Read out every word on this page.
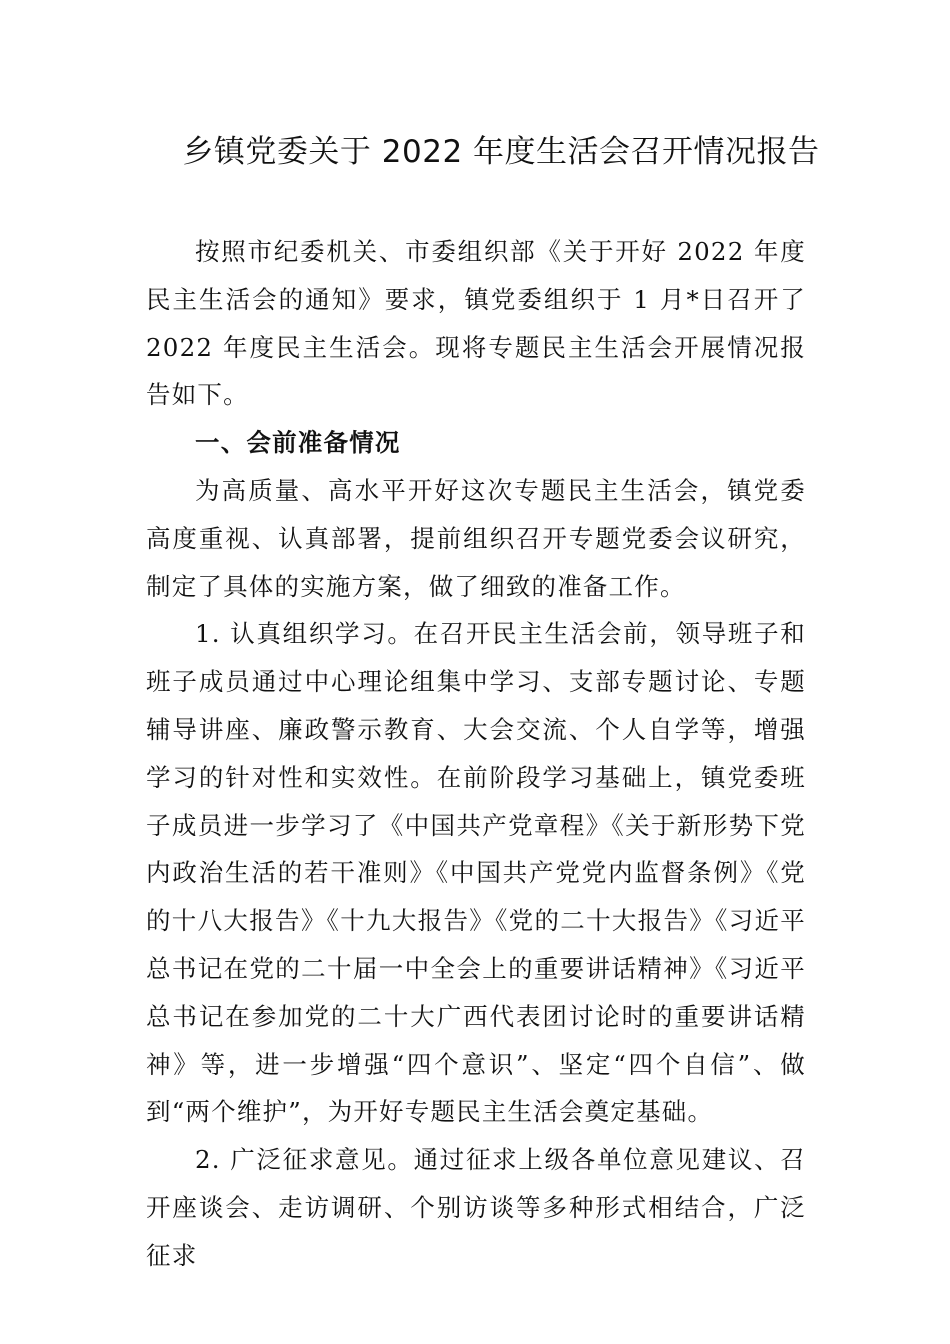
乡镇党委关于 2022 年度生活会召开情况报告

按照市纪委机关、市委组织部《关于开好 2022 年度民主生活会的通知》要求，镇党委组织于 1 月*日召开了 2022 年度民主生活会。现将专题民主生活会开展情况报告如下。

一、会前准备情况

为高质量、高水平开好这次专题民主生活会，镇党委高度重视、认真部署，提前组织召开专题党委会议研究，制定了具体的实施方案，做了细致的准备工作。

1. 认真组织学习。在召开民主生活会前，领导班子和班子成员通过中心理论组集中学习、支部专题讨论、专题辅导讲座、廉政警示教育、大会交流、个人自学等，增强学习的针对性和实效性。在前阶段学习基础上，镇党委班子成员进一步学习了《中国共产党章程》《关于新形势下党内政治生活的若干准则》《中国共产党党内监督条例》《党的十八大报告》《十九大报告》《党的二十大报告》《习近平总书记在党的二十届一中全会上的重要讲话精神》《习近平总书记在参加党的二十大广西代表团讨论时的重要讲话精神》等，进一步增强“四个意识”、坚定“四个自信”、做到“两个维护”，为开好专题民主生活会奠定基础。

2. 广泛征求意见。通过征求上级各单位意见建议、召开座谈会、走访调研、个别访谈等多种形式相结合，广泛征求
